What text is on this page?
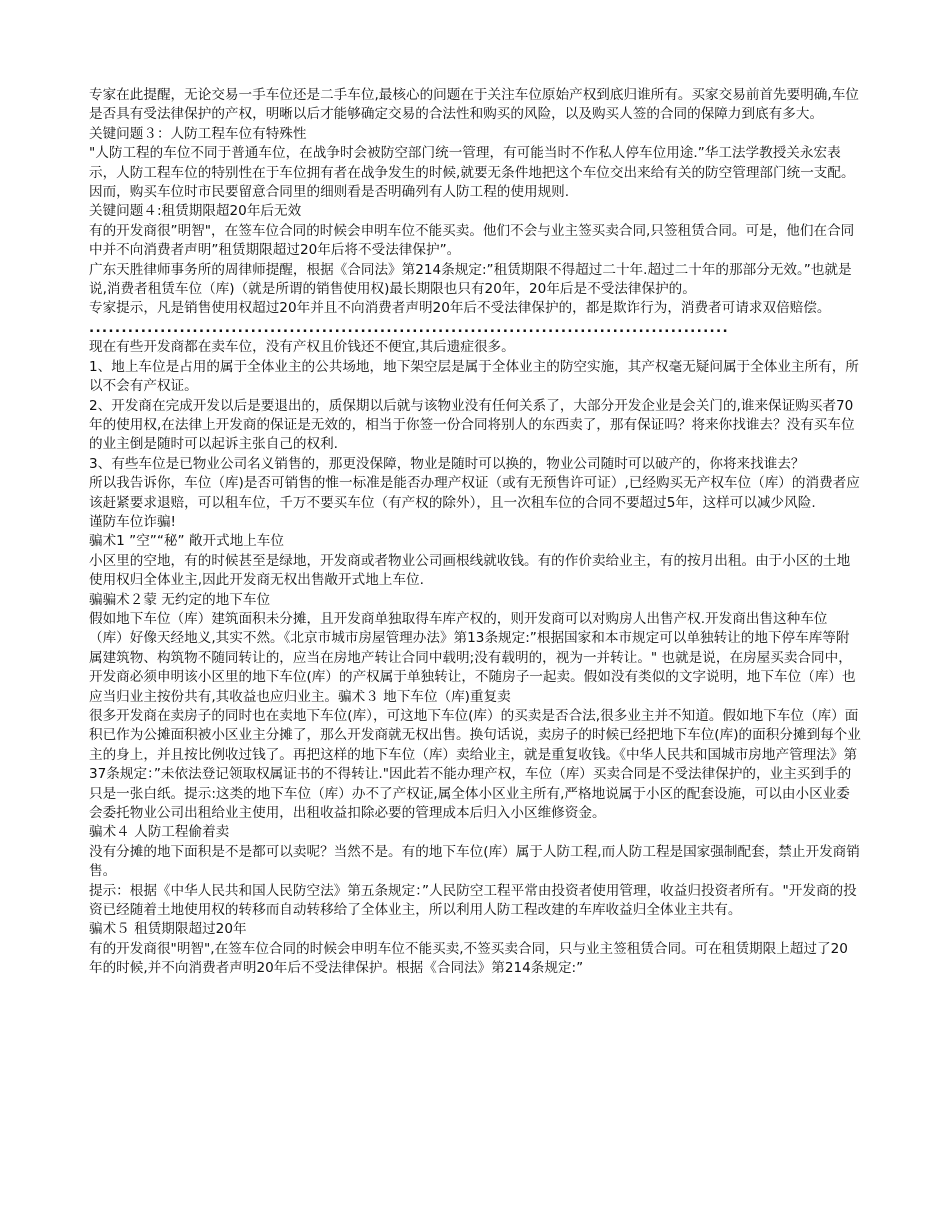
专家在此提醒，无论交易一手车位还是二手车位,最核心的问题在于关注车位原始产权到底归谁所有。买家交易前首先要明确,车位是否具有受法律保护的产权，明晰以后才能够确定交易的合法性和购买的风险，以及购买人签的合同的保障力到底有多大。

关键问题３：人防工程车位有特殊性

"人防工程的车位不同于普通车位，在战争时会被防空部门统一管理，有可能当时不作私人停车位用途.”华工法学教授关永宏表示，人防工程车位的特别性在于车位拥有者在战争发生的时候,就要无条件地把这个车位交出来给有关的防空管理部门统一支配。因而，购买车位时市民要留意合同里的细则看是否明确列有人防工程的使用规则.

关键问题４:租赁期限超20年后无效

有的开发商很”明智"，在签车位合同的时候会申明车位不能买卖。他们不会与业主签买卖合同,只签租赁合同。可是，他们在合同中并不向消费者声明”租赁期限超过20年后将不受法律保护”。

广东天胜律师事务所的周律师提醒，根据《合同法》第214条规定:”租赁期限不得超过二十年.超过二十年的那部分无效。”也就是说,消费者租赁车位（库)（就是所谓的销售使用权)最长期限也只有20年，20年后是不受法律保护的。

专家提示，凡是销售使用权超过20年并且不向消费者声明20年后不受法律保护的，都是欺诈行为，消费者可请求双倍赔偿。

...................................................................................................

现在有些开发商都在卖车位，没有产权且价钱还不便宜,其后遗症很多。

1、地上车位是占用的属于全体业主的公共场地，地下架空层是属于全体业主的防空实施，其产权毫无疑问属于全体业主所有，所以不会有产权证。

2、开发商在完成开发以后是要退出的，质保期以后就与该物业没有任何关系了，大部分开发企业是会关门的,谁来保证购买者70年的使用权,在法律上开发商的保证是无效的，相当于你签一份合同将别人的东西卖了，那有保证吗？将来你找谁去？没有买车位的业主倒是随时可以起诉主张自己的权利.

3、有些车位是已物业公司名义销售的，那更没保障，物业是随时可以换的，物业公司随时可以破产的，你将来找谁去？

所以我告诉你，车位（库)是否可销售的惟一标准是能否办理产权证（或有无预售许可证）,已经购买无产权车位（库）的消费者应该赶紧要求退赔，可以租车位，千万不要买车位（有产权的除外），且一次租车位的合同不要超过5年，这样可以减少风险.

谨防车位诈骗!

骗术1 ”空”“秘” 敞开式地上车位

小区里的空地，有的时候甚至是绿地，开发商或者物业公司画根线就收钱。有的作价卖给业主，有的按月出租。由于小区的土地使用权归全体业主,因此开发商无权出售敞开式地上车位.

骗骗术２蒙 无约定的地下车位

假如地下车位（库）建筑面积未分摊，且开发商单独取得车库产权的，则开发商可以对购房人出售产权.开发商出售这种车位（库）好像天经地义,其实不然。《北京市城市房屋管理办法》第13条规定:”根据国家和本市规定可以单独转让的地下停车库等附属建筑物、构筑物不随同转让的，应当在房地产转让合同中载明;没有载明的，视为一并转让。" 也就是说，在房屋买卖合同中，开发商必须申明该小区里的地下车位(库）的产权属于单独转让，不随房子一起卖。假如没有类似的文字说明，地下车位（库）也应当归业主按份共有,其收益也应归业主。骗术３ 地下车位（库)重复卖

很多开发商在卖房子的同时也在卖地下车位(库），可这地下车位(库）的买卖是否合法,很多业主并不知道。假如地下车位（库）面积已作为公摊面积被小区业主分摊了，那么开发商就无权出售。换句话说，卖房子的时候已经把地下车位(库)的面积分摊到每个业主的身上，并且按比例收过钱了。再把这样的地下车位（库）卖给业主，就是重复收钱。《中华人民共和国城市房地产管理法》第37条规定：”未依法登记领取权属证书的不得转让."因此若不能办理产权，车位（库）买卖合同是不受法律保护的，业主买到手的只是一张白纸。提示:这类的地下车位（库）办不了产权证,属全体小区业主所有,严格地说属于小区的配套设施，可以由小区业委会委托物业公司出租给业主使用，出租收益扣除必要的管理成本后归入小区维修资金。

骗术４ 人防工程偷着卖

没有分摊的地下面积是不是都可以卖呢？当然不是。有的地下车位(库）属于人防工程,而人防工程是国家强制配套，禁止开发商销售。

提示：根据《中华人民共和国人民防空法》第五条规定：”人民防空工程平常由投资者使用管理，收益归投资者所有。"开发商的投资已经随着土地使用权的转移而自动转移给了全体业主，所以利用人防工程改建的车库收益归全体业主共有。

骗术５ 租赁期限超过20年

有的开发商很"明智",在签车位合同的时候会申明车位不能买卖,不签买卖合同，只与业主签租赁合同。可在租赁期限上超过了20年的时候,并不向消费者声明20年后不受法律保护。根据《合同法》第214条规定:”
